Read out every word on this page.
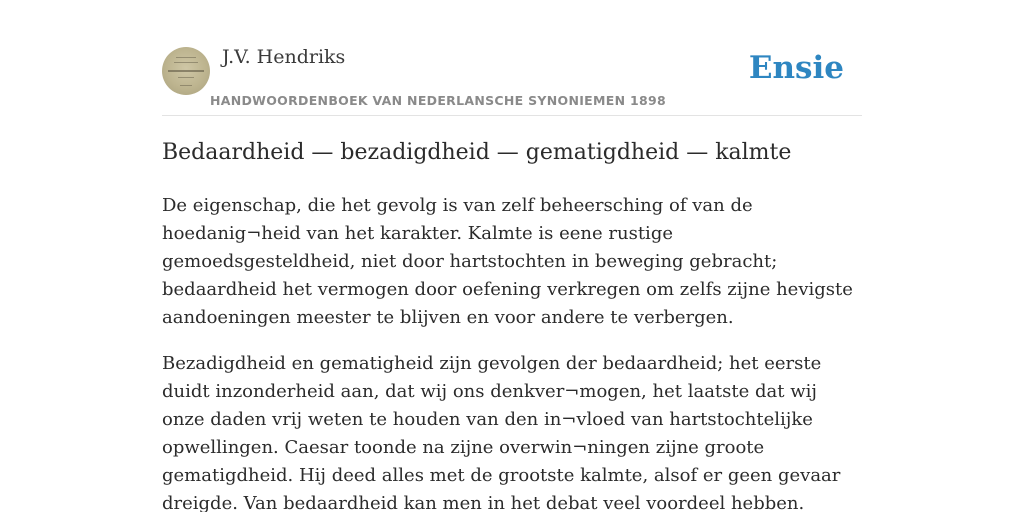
J.V. Hendriks
HANDWOORDENBOEK VAN NEDERLANSCHE SYNONIEMEN 1898
Ensie
Bedaardheid — bezadigdheid — gematigdheid — kalmte

De eigenschap, die het gevolg is van zelf beheersching of van de hoedanig¬heid van het karakter. Kalmte is eene rustige gemoedsgesteldheid, niet door hartstochten in beweging gebracht; bedaardheid het vermogen door oefening verkregen om zelfs zijne hevigste aandoeningen meester te blijven en voor andere te verbergen.

Bezadigdheid en gematigheid zijn gevolgen der bedaardheid; het eerste duidt inzonderheid aan, dat wij ons denkver¬mogen, het laatste dat wij onze daden vrij weten te houden van den in¬vloed van hartstochtelijke opwellingen. Caesar toonde na zijne overwin¬ningen zijne groote gematigdheid. Hij deed alles met de grootste kalmte, alsof er geen gevaar dreigde. Van bedaardheid kan men in het debat veel voordeel hebben.
